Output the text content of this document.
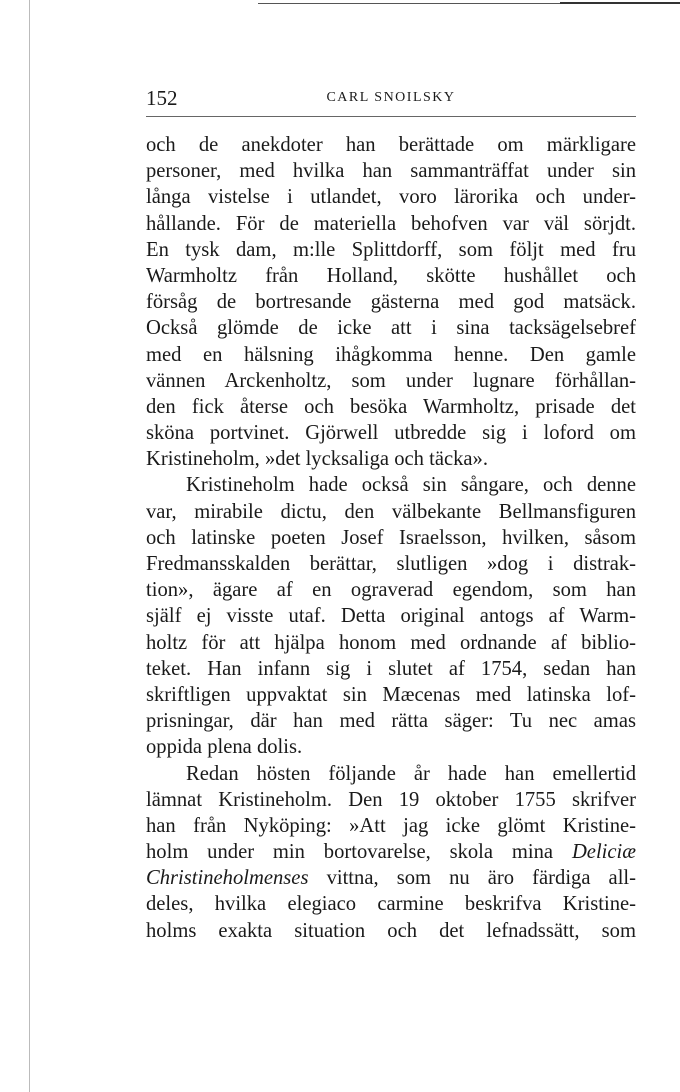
152	CARL SNOILSKY
och de anekdoter han berättade om märkligare
personer, med hvilka han sammanträffat under sin
långa vistelse i utlandet, voro lärorika och under-
hållande. För de materiella behofven var väl sörjdt.
En tysk dam, m:lle Splittdorff, som följt med fru
Warmholtz från Holland, skötte hushållet och
försåg de bortresande gästerna med god matsäck.
Också glömde de icke att i sina tacksägelsebref
med en hälsning ihågkomma henne. Den gamle
vännen Arckenholtz, som under lugnare förhållan-
den fick återse och besöka Warmholtz, prisade det
sköna portvinet. Gjörwell utbredde sig i loford om
Kristineholm, »det lycksaliga och täcka».
Kristineholm hade också sin sångare, och denne
var, mirabile dictu, den välbekante Bellmansfiguren
och latinske poeten Josef Israelsson, hvilken, såsom
Fredmansskalden berättar, slutligen »dog i distrak-
tion», ägare af en ograverad egendom, som han
själf ej visste utaf. Detta original antogs af Warm-
holtz för att hjälpa honom med ordnande af biblio-
teket. Han infann sig i slutet af 1754, sedan han
skriftligen uppvaktat sin Mæcenas med latinska lof-
prisningar, där han med rätta säger: Tu nec amas
oppida plena dolis.
Redan hösten följande år hade han emellertid
lämnat Kristineholm. Den 19 oktober 1755 skrifver
han från Nyköping: »Att jag icke glömt Kristine-
holm under min bortovarelse, skola mina Deliciæ
Christineholmenses vittna, som nu äro färdiga all-
deles, hvilka elegiaco carmine beskrifva Kristine-
holms exakta situation och det lefnadssätt, som
